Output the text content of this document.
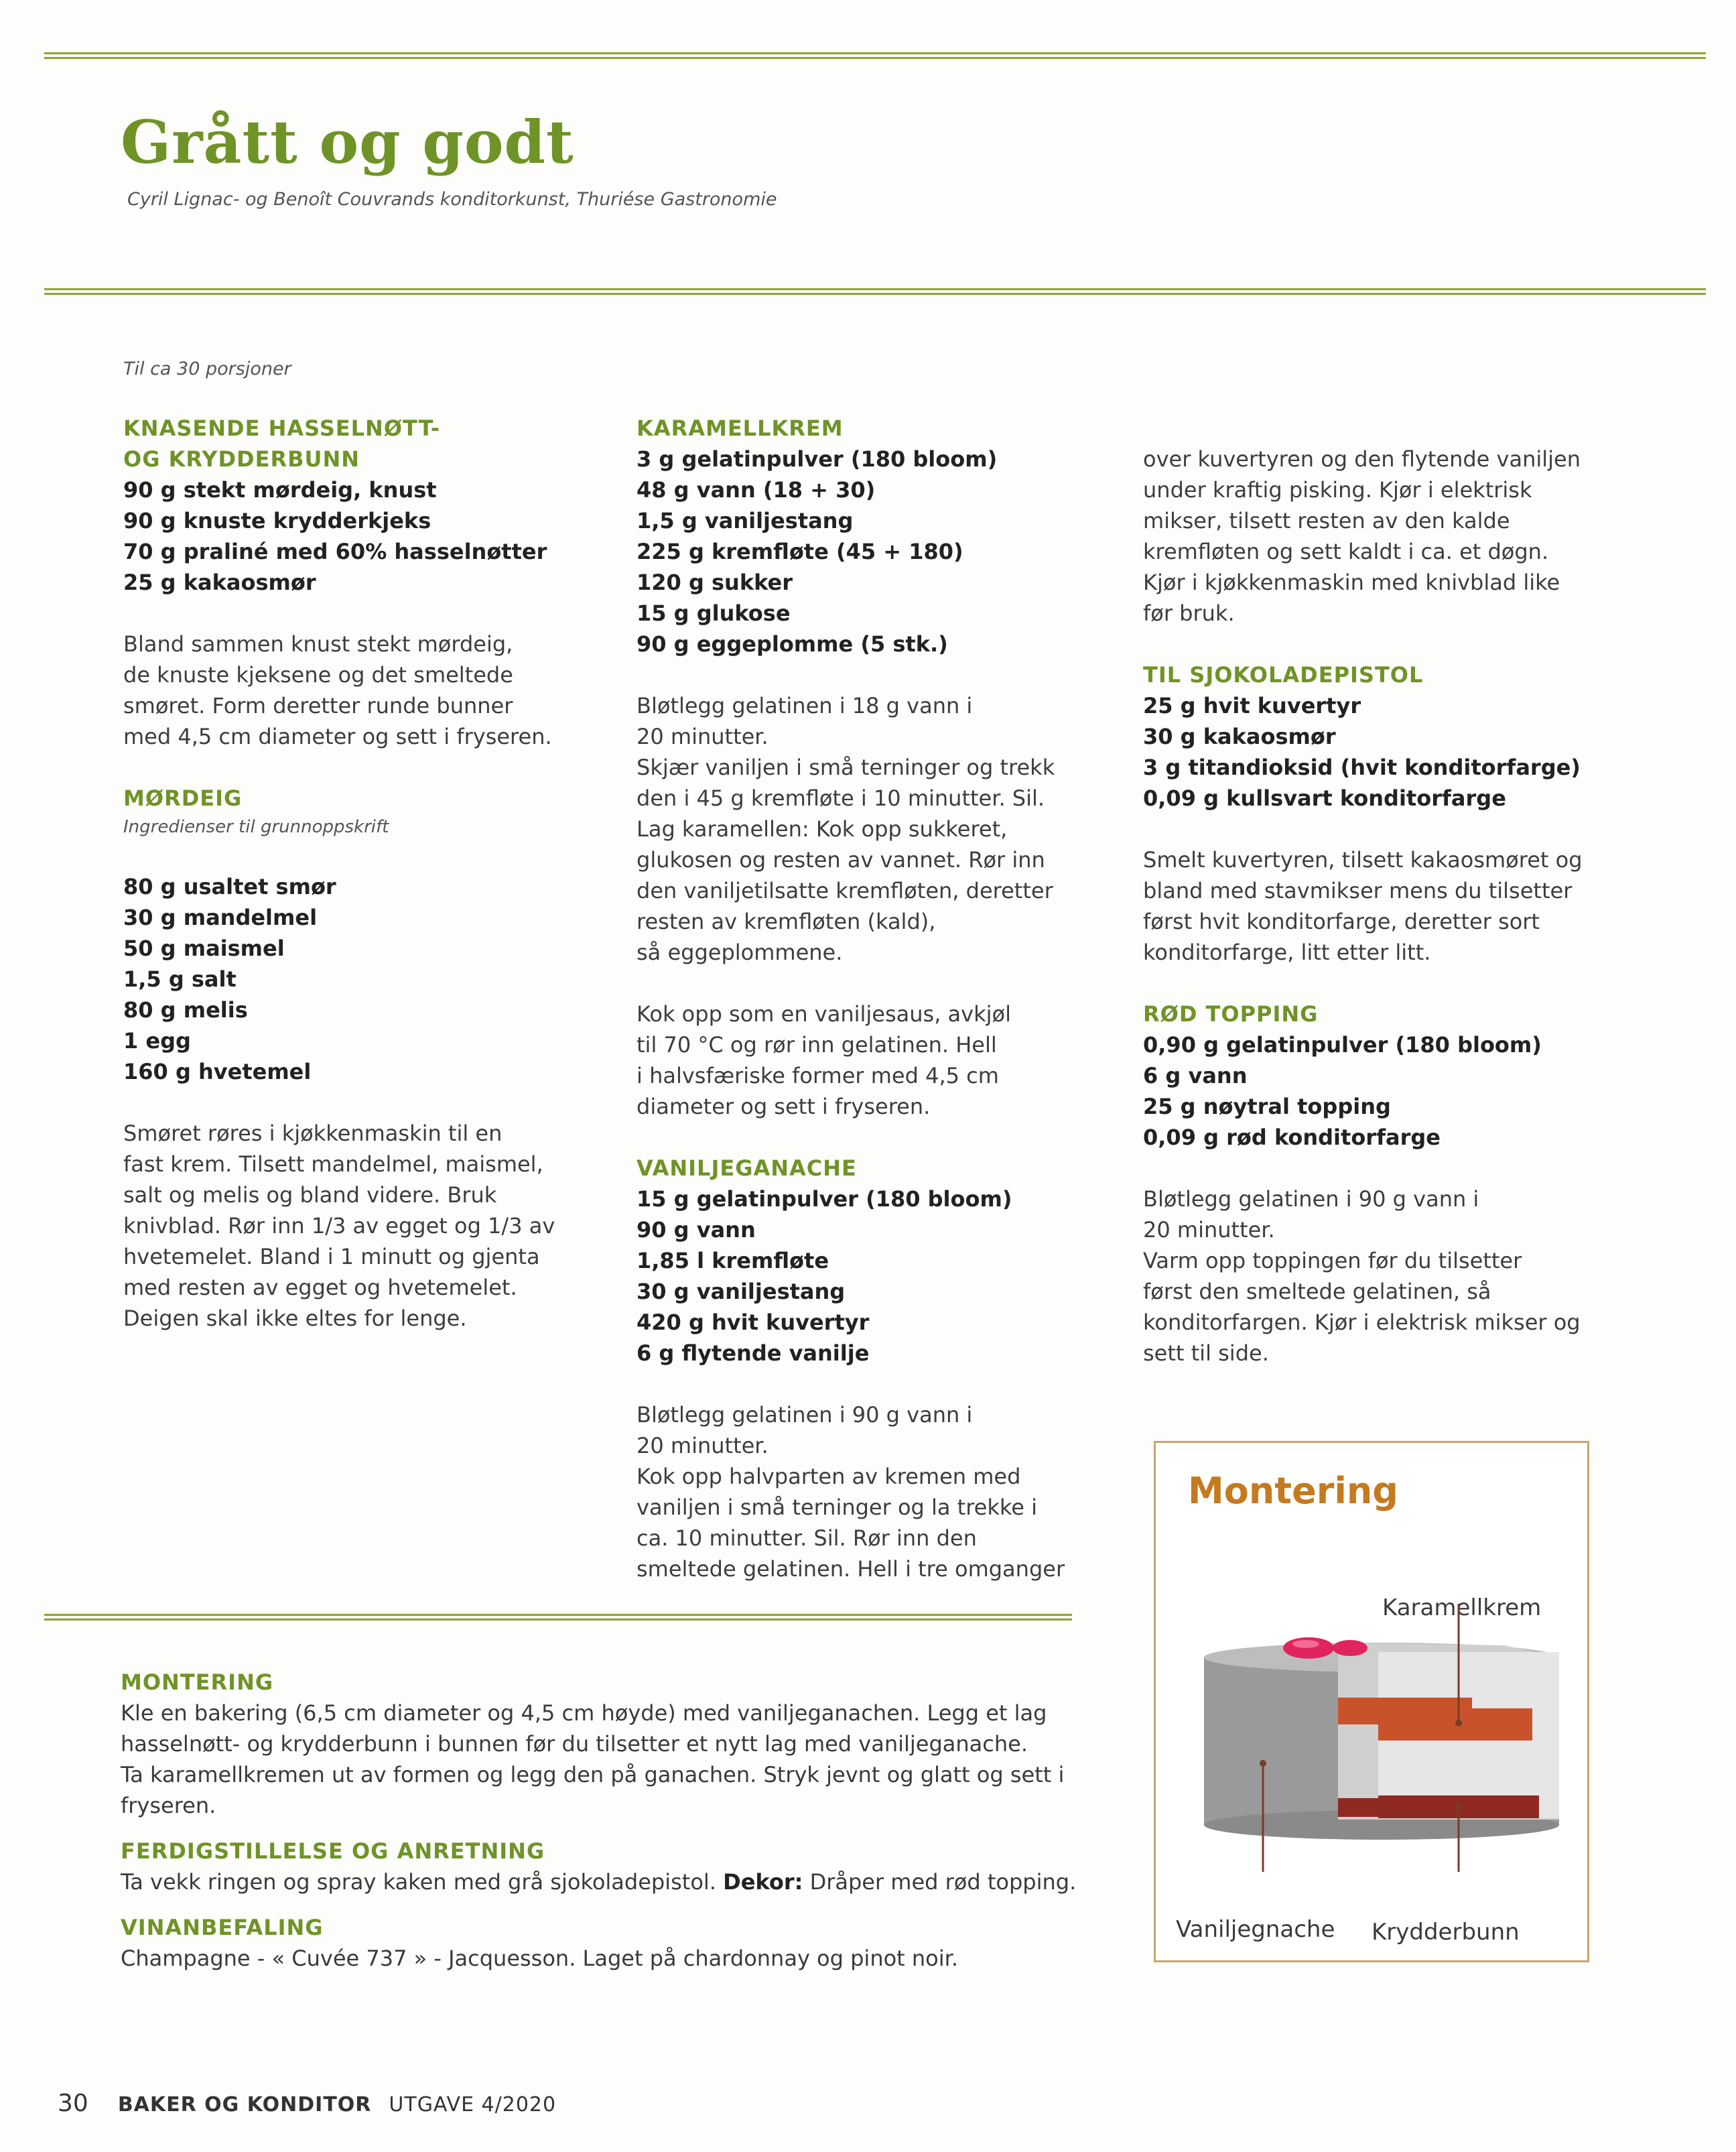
Grått og godt
Cyril Lignac- og Benoît Couvrands konditorkunst, Thuriése Gastronomie
Til ca 30 porsjoner
KNASENDE HASSELNØTT-
OG KRYDDERBUNN
90 g stekt mørdeig, knust
90 g knuste krydderkjeks
70 g praliné med 60% hasselnøtter
25 g kakaosmør
Bland sammen knust stekt mørdeig,
de knuste kjeksene og det smeltede
smøret. Form deretter runde bunner
med 4,5 cm diameter og sett i fryseren.
MØRDEIG
Ingredienser til grunnoppskrift
80 g usaltet smør
30 g mandelmel
50 g maismel
1,5 g salt
80 g melis
1 egg
160 g hvetemel
Smøret røres i kjøkkenmaskin til en
fast krem. Tilsett mandelmel, maismel,
salt og melis og bland videre. Bruk
knivblad. Rør inn 1/3 av egget og 1/3 av
hvetemelet. Bland i 1 minutt og gjenta
med resten av egget og hvetemelet.
Deigen skal ikke eltes for lenge.
KARAMELLKREM
3 g gelatinpulver (180 bloom)
48 g vann (18 + 30)
1,5 g vaniljestang
225 g kremfløte (45 + 180)
120 g sukker
15 g glukose
90 g eggeplomme (5 stk.)
Bløtlegg gelatinen i 18 g vann i
20 minutter.
Skjær vaniljen i små terninger og trekk
den i 45 g kremfløte i 10 minutter. Sil.
Lag karamellen: Kok opp sukkeret,
glukosen og resten av vannet. Rør inn
den vaniljetilsatte kremfløten, deretter
resten av kremfløten (kald),
så eggeplommene.
Kok opp som en vaniljesaus, avkjøl
til 70 °C og rør inn gelatinen. Hell
i halvsfæriske former med 4,5 cm
diameter og sett i fryseren.
VANILJEGANACHE
15 g gelatinpulver (180 bloom)
90 g vann
1,85 l kremfløte
30 g vaniljestang
420 g hvit kuvertyr
6 g flytende vanilje
Bløtlegg gelatinen i 90 g vann i
20 minutter.
Kok opp halvparten av kremen med
vaniljen i små terninger og la trekke i
ca. 10 minutter. Sil. Rør inn den
smeltede gelatinen. Hell i tre omganger
over kuvertyren og den flytende vaniljen
under kraftig pisking. Kjør i elektrisk
mikser, tilsett resten av den kalde
kremfløten og sett kaldt i ca. et døgn.
Kjør i kjøkkenmaskin med knivblad like
før bruk.
TIL SJOKOLADEPISTOL
25 g hvit kuvertyr
30 g kakaosmør
3 g titandioksid (hvit konditorfarge)
0,09 g kullsvart konditorfarge
Smelt kuvertyren, tilsett kakaosmøret og
bland med stavmikser mens du tilsetter
først hvit konditorfarge, deretter sort
konditorfarge, litt etter litt.
RØD TOPPING
0,90 g gelatinpulver (180 bloom)
6 g vann
25 g nøytral topping
0,09 g rød konditorfarge
Bløtlegg gelatinen i 90 g vann i
20 minutter.
Varm opp toppingen før du tilsetter
først den smeltede gelatinen, så
konditorfargen. Kjør i elektrisk mikser og
sett til side.
Montering
Karamellkrem
Vaniljegnache Krydderbunn
MONTERING
Kle en bakering (6,5 cm diameter og 4,5 cm høyde) med vaniljeganachen. Legg et lag
hasselnøtt- og krydderbunn i bunnen før du tilsetter et nytt lag med vaniljeganache.
Ta karamellkremen ut av formen og legg den på ganachen. Stryk jevnt og glatt og sett i
fryseren.
FERDIGSTILLELSE OG ANRETNING
Ta vekk ringen og spray kaken med grå sjokoladepistol. Dekor: Dråper med rød topping.
VINANBEFALING
Champagne - « Cuvée 737 » - Jacquesson. Laget på chardonnay og pinot noir.
30 BAKER OG KONDITOR UTGAVE 4/2020
